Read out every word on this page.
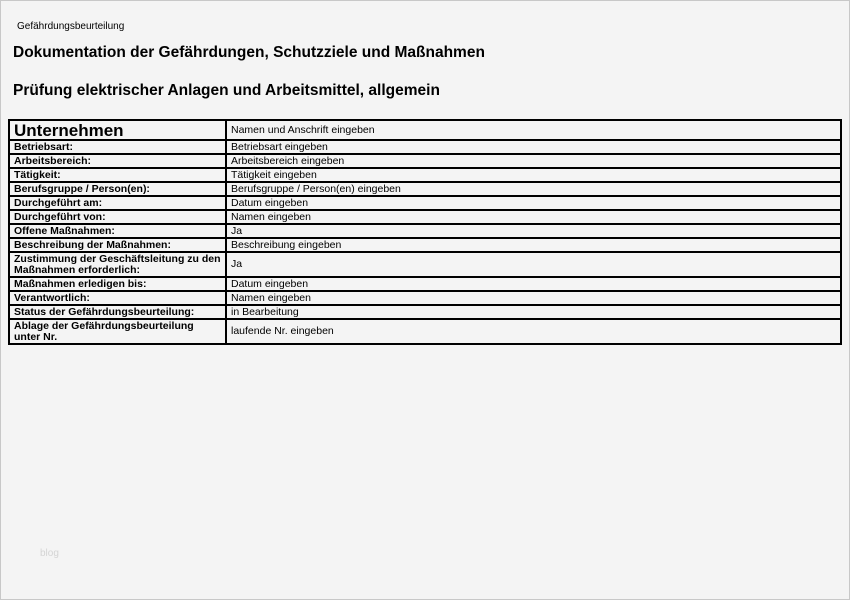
Gefährdungsbeurteilung
Dokumentation der Gefährdungen, Schutzziele und Maßnahmen
Prüfung elektrischer Anlagen und Arbeitsmittel, allgemein
Unternehmen	Namen und Anschrift eingeben
Betriebsart:	Betriebsart eingeben
Arbeitsbereich:	Arbeitsbereich eingeben
Tätigkeit:	Tätigkeit eingeben
Berufsgruppe / Person(en):	Berufsgruppe / Person(en) eingeben
Durchgeführt am:	Datum eingeben
Durchgeführt von:	Namen eingeben
Offene Maßnahmen:	Ja
Beschreibung der Maßnahmen:	Beschreibung eingeben
Zustimmung der Geschäftsleitung zu den Maßnahmen erforderlich:	Ja
Maßnahmen erledigen bis:	Datum eingeben
Verantwortlich:	Namen eingeben
Status der Gefährdungsbeurteilung:	in Bearbeitung
Ablage der Gefährdungsbeurteilung unter Nr.	laufende Nr. eingeben
blog
